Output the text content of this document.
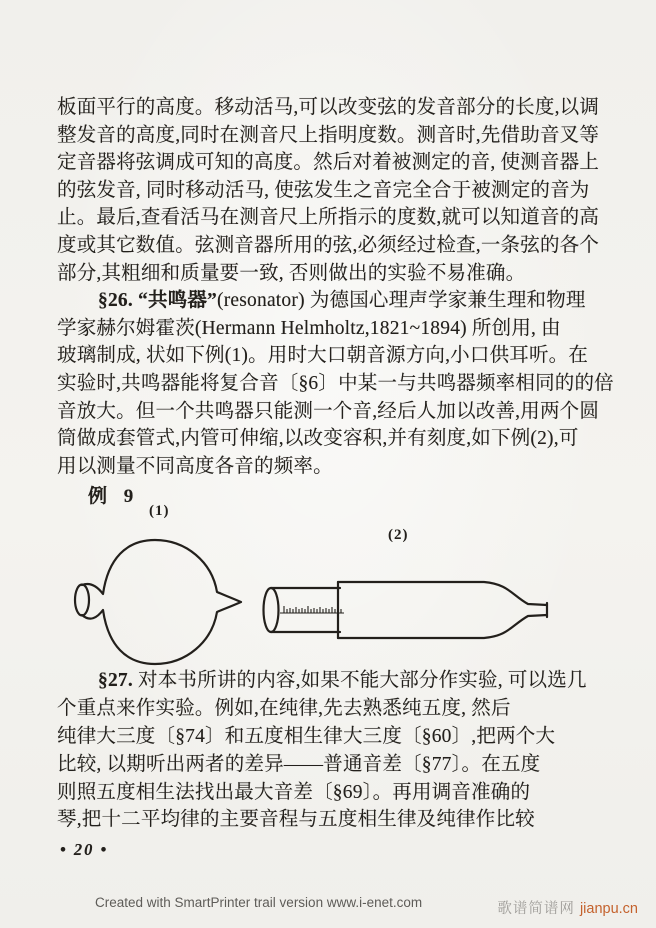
板面平行的高度。移动活马,可以改变弦的发音部分的长度,以调
整发音的高度,同时在测音尺上指明度数。测音时,先借助音叉等
定音器将弦调成可知的高度。然后对着被测定的音, 使测音器上
的弦发音, 同时移动活马, 使弦发生之音完全合于被测定的音为
止。最后,查看活马在测音尺上所指示的度数,就可以知道音的高
度或其它数值。弦测音器所用的弦,必须经过检查,一条弦的各个
部分,其粗细和质量要一致, 否则做出的实验不易准确。
§26. “共鸣器”(resonator) 为德国心理声学家兼生理和物理
学家赫尔姆霍茨(Hermann Helmholtz,1821~1894) 所创用, 由
玻璃制成, 状如下例(1)。用时大口朝音源方向,小口供耳听。在
实验时,共鸣器能将复合音〔§6〕中某一与共鸣器频率相同的的倍
音放大。但一个共鸣器只能测一个音,经后人加以改善,用两个圆
筒做成套管式,内管可伸缩,以改变容积,并有刻度,如下例(2),可
用以测量不同高度各音的频率。
例 9
(1)
(2)
§27. 对本书所讲的内容,如果不能大部分作实验, 可以选几
个重点来作实验。例如,在纯律,先去熟悉纯五度, 然后
纯律大三度〔§74〕和五度相生律大三度〔§60〕,把两个大
比较, 以期听出两者的差异——普通音差〔§77〕。在五度
则照五度相生法找出最大音差〔§69〕。再用调音准确的
琴,把十二平均律的主要音程与五度相生律及纯律作比较
• 20 •
Created with SmartPrinter trail version www.i-enet.com	歌谱简谱网 jianpu.cn
